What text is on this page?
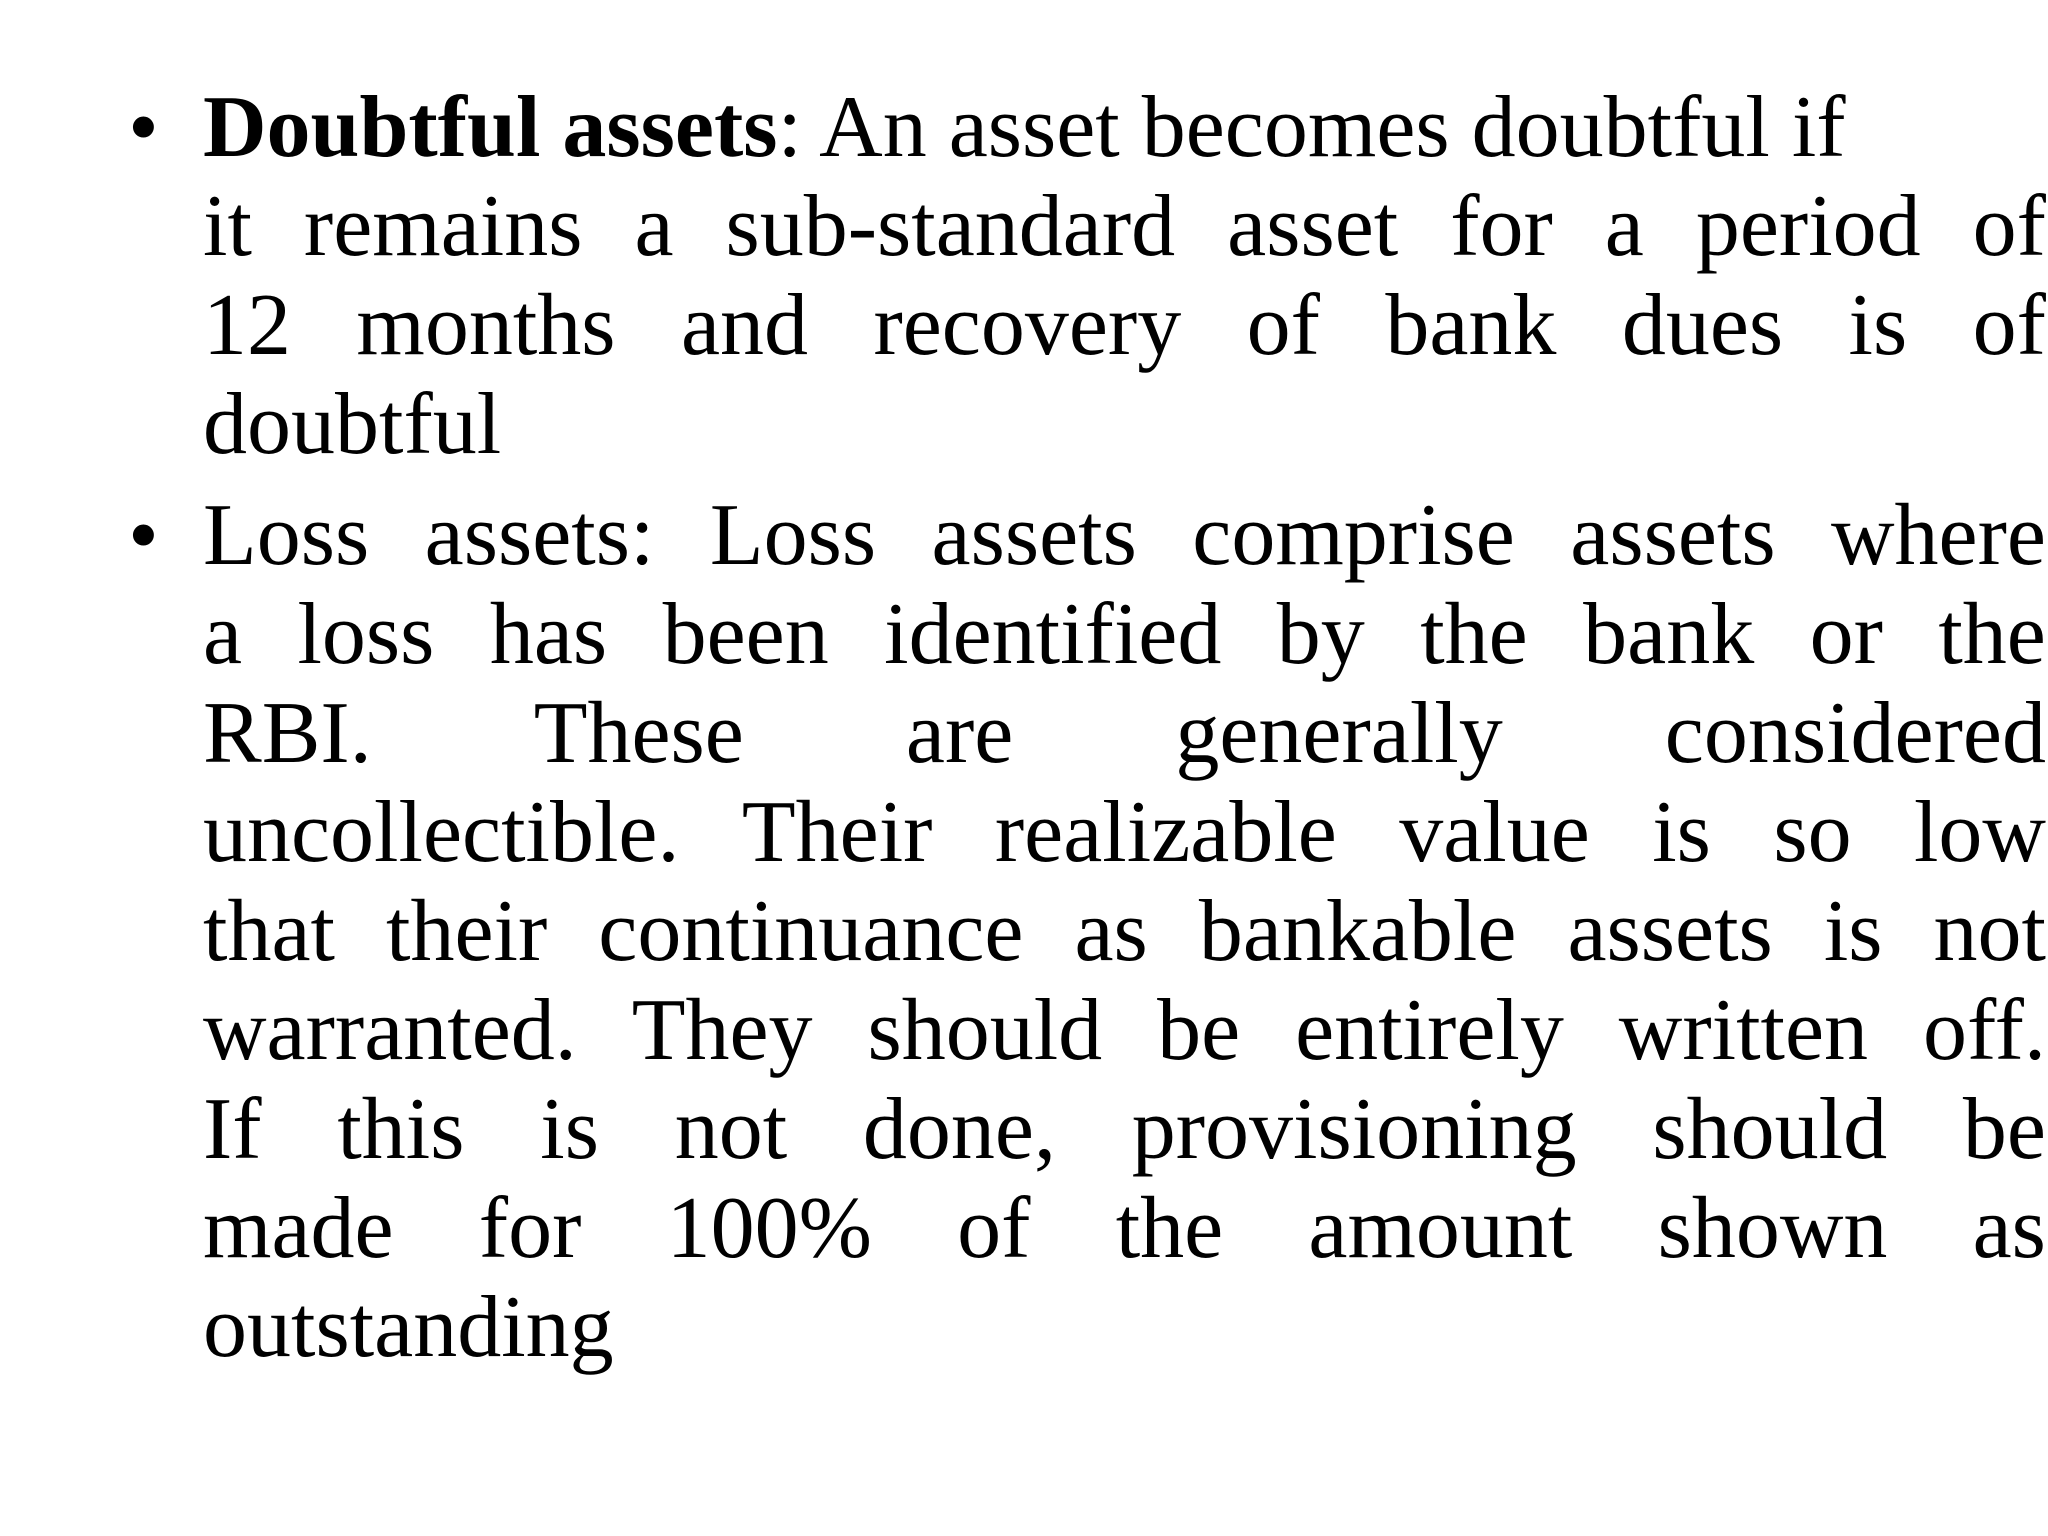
• Doubtful assets: An asset becomes doubtful if
it remains a sub-standard asset for a period of
12 months and recovery of bank dues is of
doubtful
• Loss assets: Loss assets comprise assets where
a loss has been identified by the bank or the
RBI. These are generally considered
uncollectible. Their realizable value is so low
that their continuance as bankable assets is not
warranted. They should be entirely written off.
If this is not done, provisioning should be
made for 100% of the amount shown as
outstanding
